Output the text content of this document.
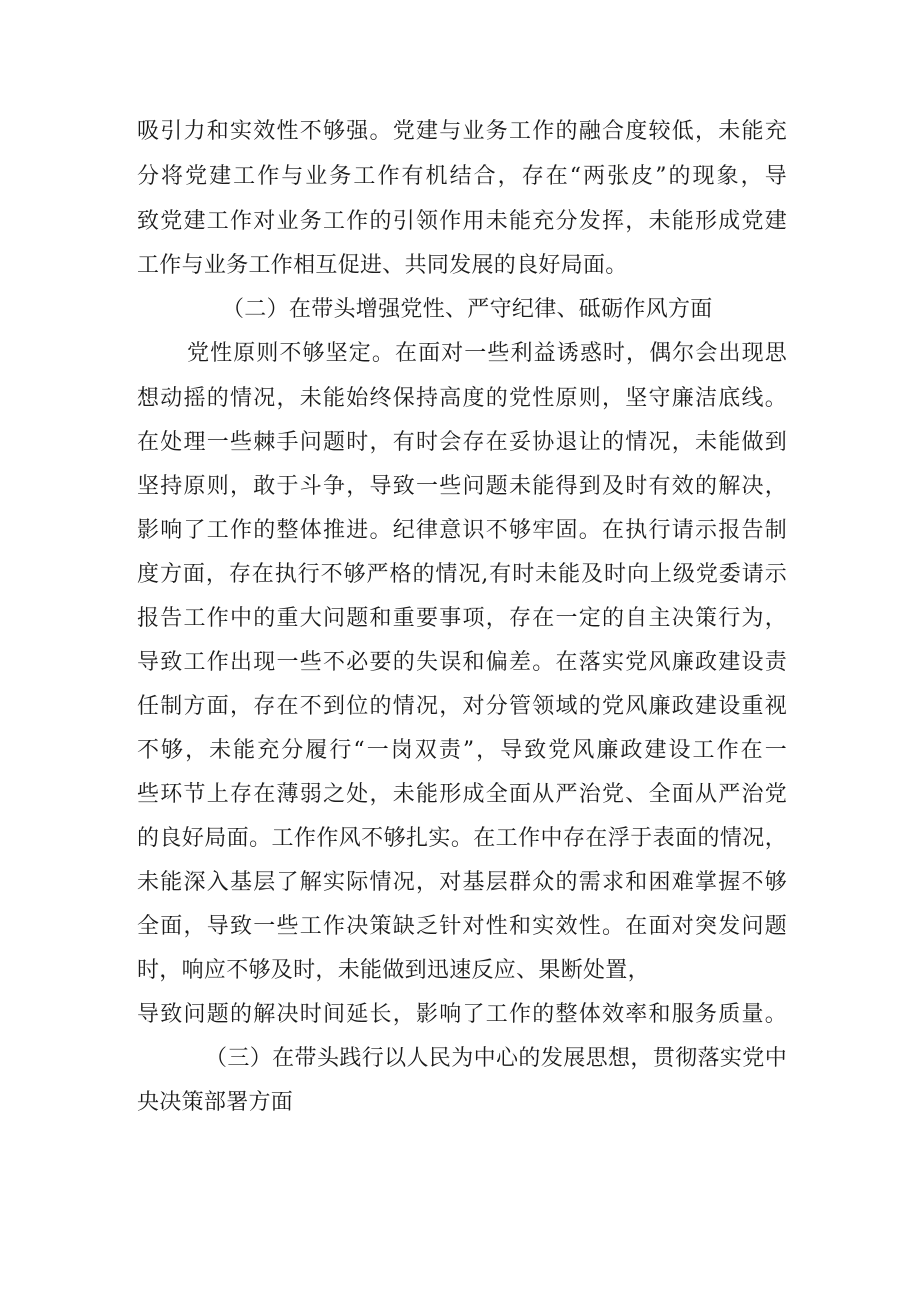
吸引力和实效性不够强。党建与业务工作的融合度较低，未能充
分将党建工作与业务工作有机结合，存在“两张皮”的现象，导
致党建工作对业务工作的引领作用未能充分发挥，未能形成党建
工作与业务工作相互促进、共同发展的良好局面。
（二）在带头增强党性、严守纪律、砥砺作风方面
党性原则不够坚定。在面对一些利益诱惑时，偶尔会出现思
想动摇的情况，未能始终保持高度的党性原则，坚守廉洁底线。
在处理一些棘手问题时，有时会存在妥协退让的情况，未能做到
坚持原则，敢于斗争，导致一些问题未能得到及时有效的解决，
影响了工作的整体推进。纪律意识不够牢固。在执行请示报告制
度方面，存在执行不够严格的情况,有时未能及时向上级党委请示
报告工作中的重大问题和重要事项，存在一定的自主决策行为，
导致工作出现一些不必要的失误和偏差。在落实党风廉政建设责
任制方面，存在不到位的情况，对分管领域的党风廉政建设重视
不够，未能充分履行“一岗双责”，导致党风廉政建设工作在一
些环节上存在薄弱之处，未能形成全面从严治党、全面从严治党
的良好局面。工作作风不够扎实。在工作中存在浮于表面的情况，
未能深入基层了解实际情况，对基层群众的需求和困难掌握不够
全面，导致一些工作决策缺乏针对性和实效性。在面对突发问题
时，响应不够及时，未能做到迅速反应、果断处置，
导致问题的解决时间延长，影响了工作的整体效率和服务质量。
（三）在带头践行以人民为中心的发展思想，贯彻落实党中
央决策部署方面
